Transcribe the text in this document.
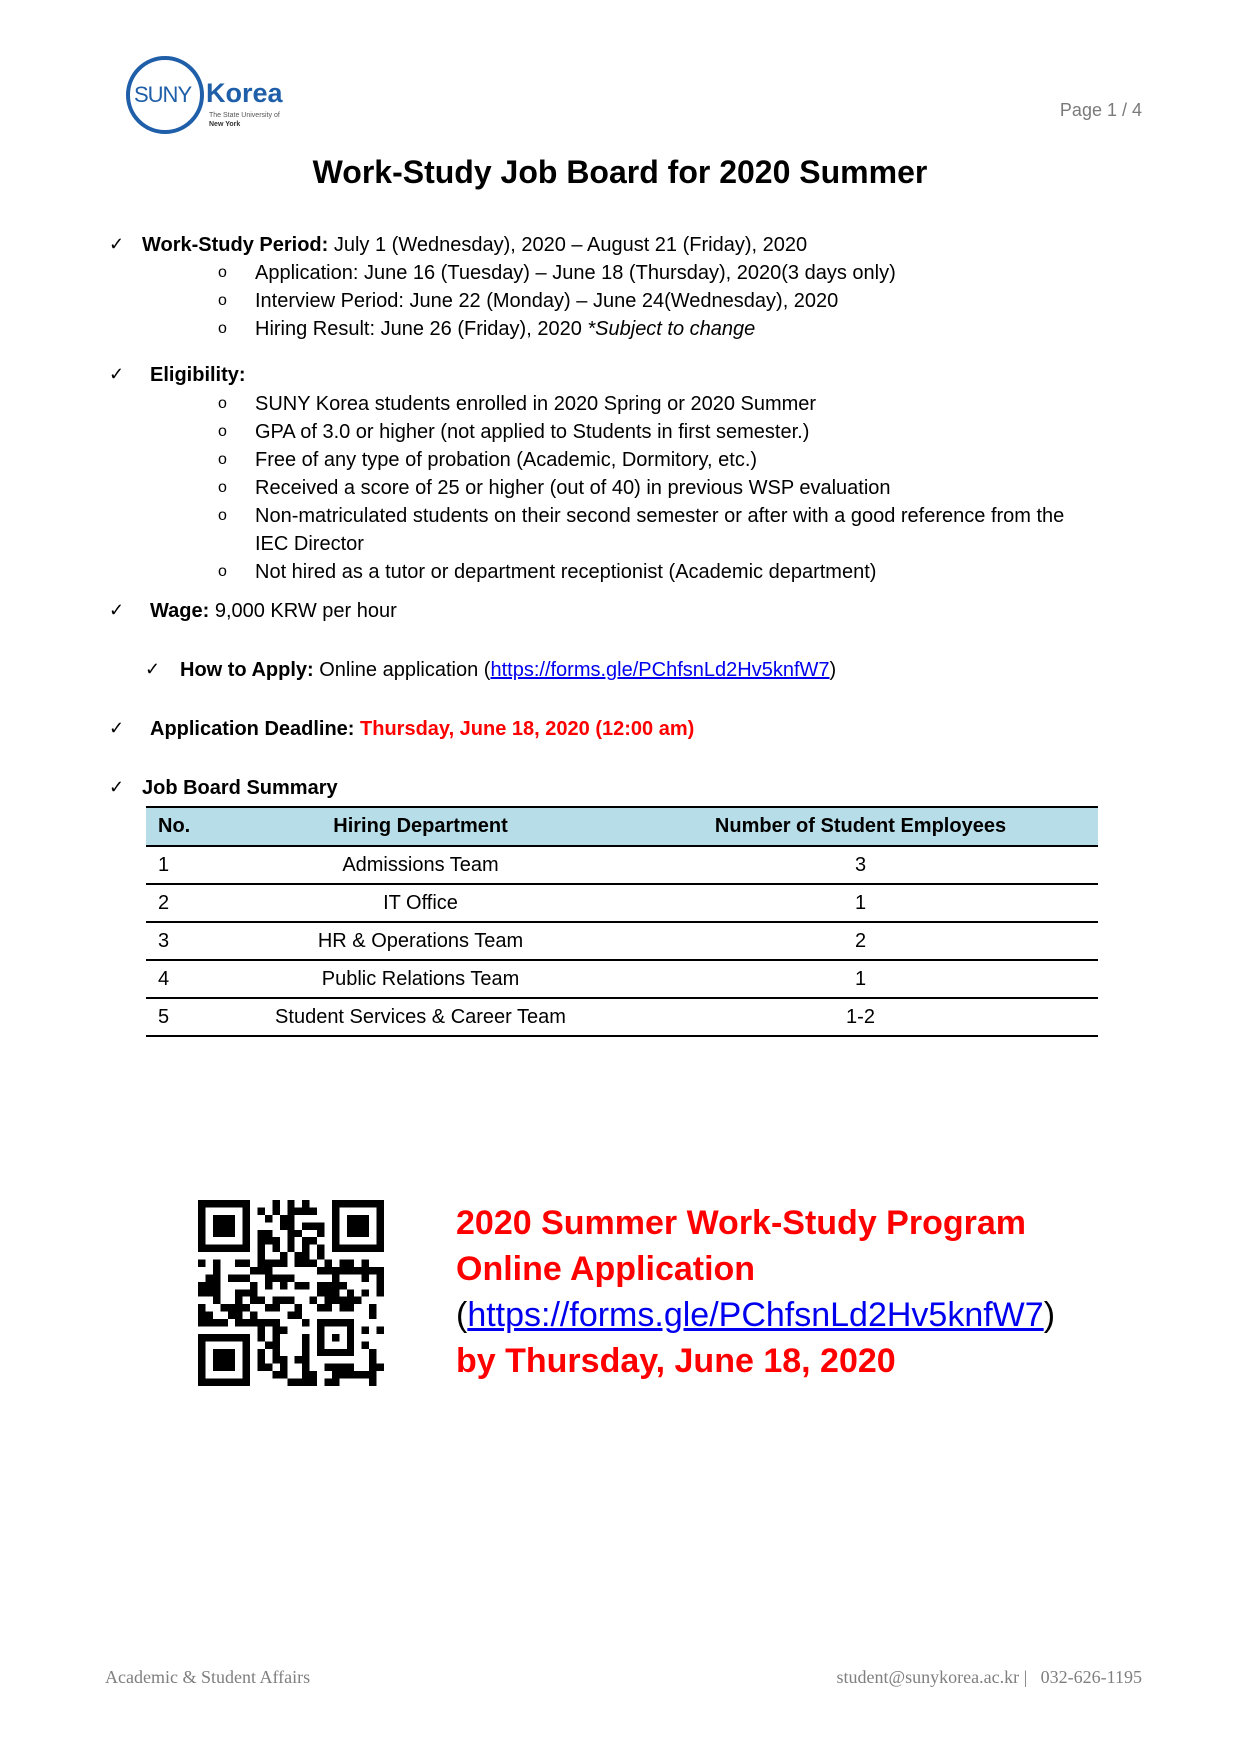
SUNY Korea
The State University of
New York
Page 1 / 4
Work-Study Job Board for 2020 Summer
✓ Work-Study Period: July 1 (Wednesday), 2020 – August 21 (Friday), 2020
o Application: June 16 (Tuesday) – June 18 (Thursday), 2020(3 days only)
o Interview Period: June 22 (Monday) – June 24(Wednesday), 2020
o Hiring Result: June 26 (Friday), 2020 *Subject to change
✓ Eligibility:
o SUNY Korea students enrolled in 2020 Spring or 2020 Summer
o GPA of 3.0 or higher (not applied to Students in first semester.)
o Free of any type of probation (Academic, Dormitory, etc.)
o Received a score of 25 or higher (out of 40) in previous WSP evaluation
o Non-matriculated students on their second semester or after with a good reference from the
IEC Director
o Not hired as a tutor or department receptionist (Academic department)
✓ Wage: 9,000 KRW per hour
✓ How to Apply: Online application (https://forms.gle/PChfsnLd2Hv5knfW7)
✓ Application Deadline: Thursday, June 18, 2020 (12:00 am)
✓ Job Board Summary
No.	Hiring Department	Number of Student Employees
1	Admissions Team	3
2	IT Office	1
3	HR & Operations Team	2
4	Public Relations Team	1
5	Student Services & Career Team	1-2
2020 Summer Work-Study Program
Online Application
(https://forms.gle/PChfsnLd2Hv5knfW7)
by Thursday, June 18, 2020
Academic & Student Affairs	student@sunykorea.ac.kr |   032-626-1195
